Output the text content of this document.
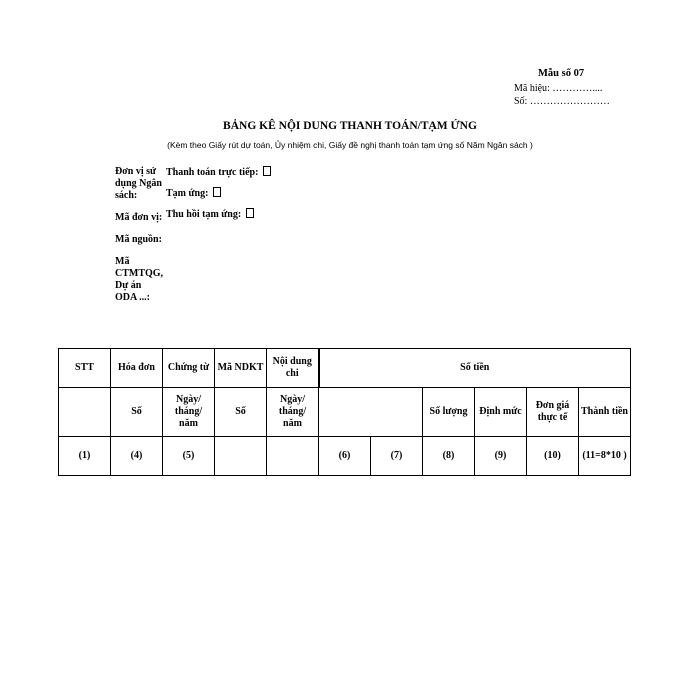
Mẫu số 07
Mã hiệu: …………....
Số: ……………………
BẢNG KÊ NỘI DUNG THANH TOÁN/TẠM ỨNG
(Kèm theo Giấy rút dự toán, Ủy nhiệm chi, Giấy đề nghị thanh toán tạm ứng số Năm Ngân sách )
Đơn vị sử dụng Ngân sách:
Mã đơn vị:
Mã nguồn:
Mã CTMTQG, Dự án ODA ...:
Thanh toán trực tiếp:
Tạm ứng:
Thu hồi tạm ứng:
STT	Hóa đơn	Chứng từ	Mã NDKT	Nội dung chi	Số tiền					
	Số	Ngày/ tháng/ năm	Số	Ngày/ tháng/ năm			Số lượng	Định mức	Đơn giá thực tế	Thành tiền
(1)	(4)	(5)			(6)	(7)	(8)	(9)	(10)	(11=8*10 )
